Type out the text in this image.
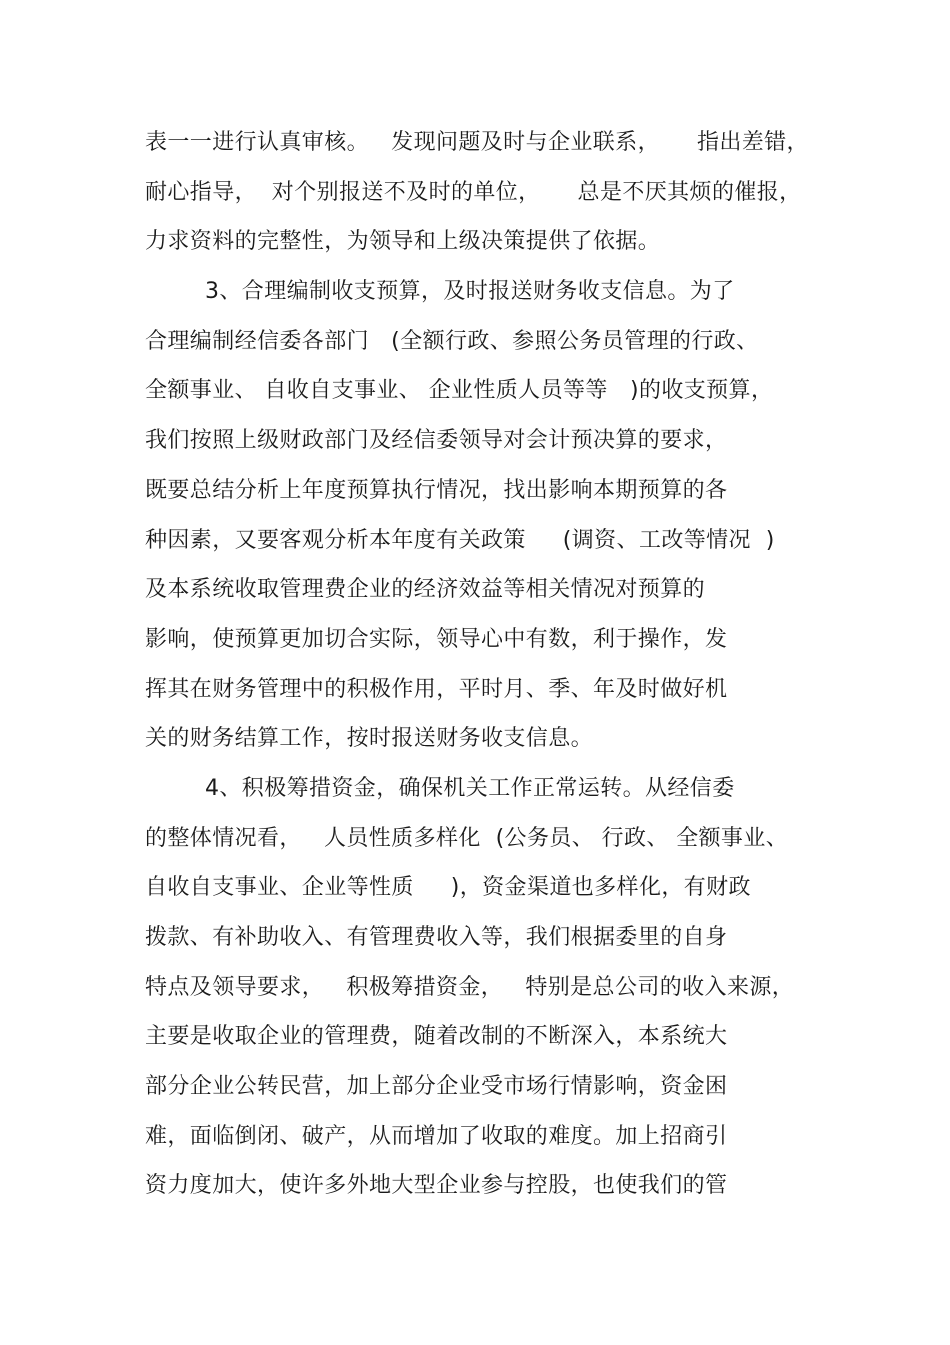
表一一进行认真审核。   发现问题及时与企业联系，     指出差错，
耐心指导，  对个别报送不及时的单位，     总是不厌其烦的催报，
力求资料的完整性，为领导和上级决策提供了依据。
3、合理编制收支预算，及时报送财务收支信息。为了
合理编制经信委各部门   (全额行政、参照公务员管理的行政、
全额事业、 自收自支事业、 企业性质人员等等   )的收支预算，
我们按照上级财政部门及经信委领导对会计预决算的要求，
既要总结分析上年度预算执行情况，找出影响本期预算的各
种因素，又要客观分析本年度有关政策     (调资、工改等情况  )
及本系统收取管理费企业的经济效益等相关情况对预算的
影响，使预算更加切合实际，领导心中有数，利于操作，发
挥其在财务管理中的积极作用，平时月、季、年及时做好机
关的财务结算工作，按时报送财务收支信息。
4、积极筹措资金，确保机关工作正常运转。从经信委
的整体情况看，   人员性质多样化  (公务员、 行政、 全额事业、
自收自支事业、企业等性质     )，资金渠道也多样化，有财政
拨款、有补助收入、有管理费收入等，我们根据委里的自身
特点及领导要求，   积极筹措资金，   特别是总公司的收入来源，
主要是收取企业的管理费，随着改制的不断深入，本系统大
部分企业公转民营，加上部分企业受市场行情影响，资金困
难，面临倒闭、破产，从而增加了收取的难度。加上招商引
资力度加大，使许多外地大型企业参与控股，也使我们的管
